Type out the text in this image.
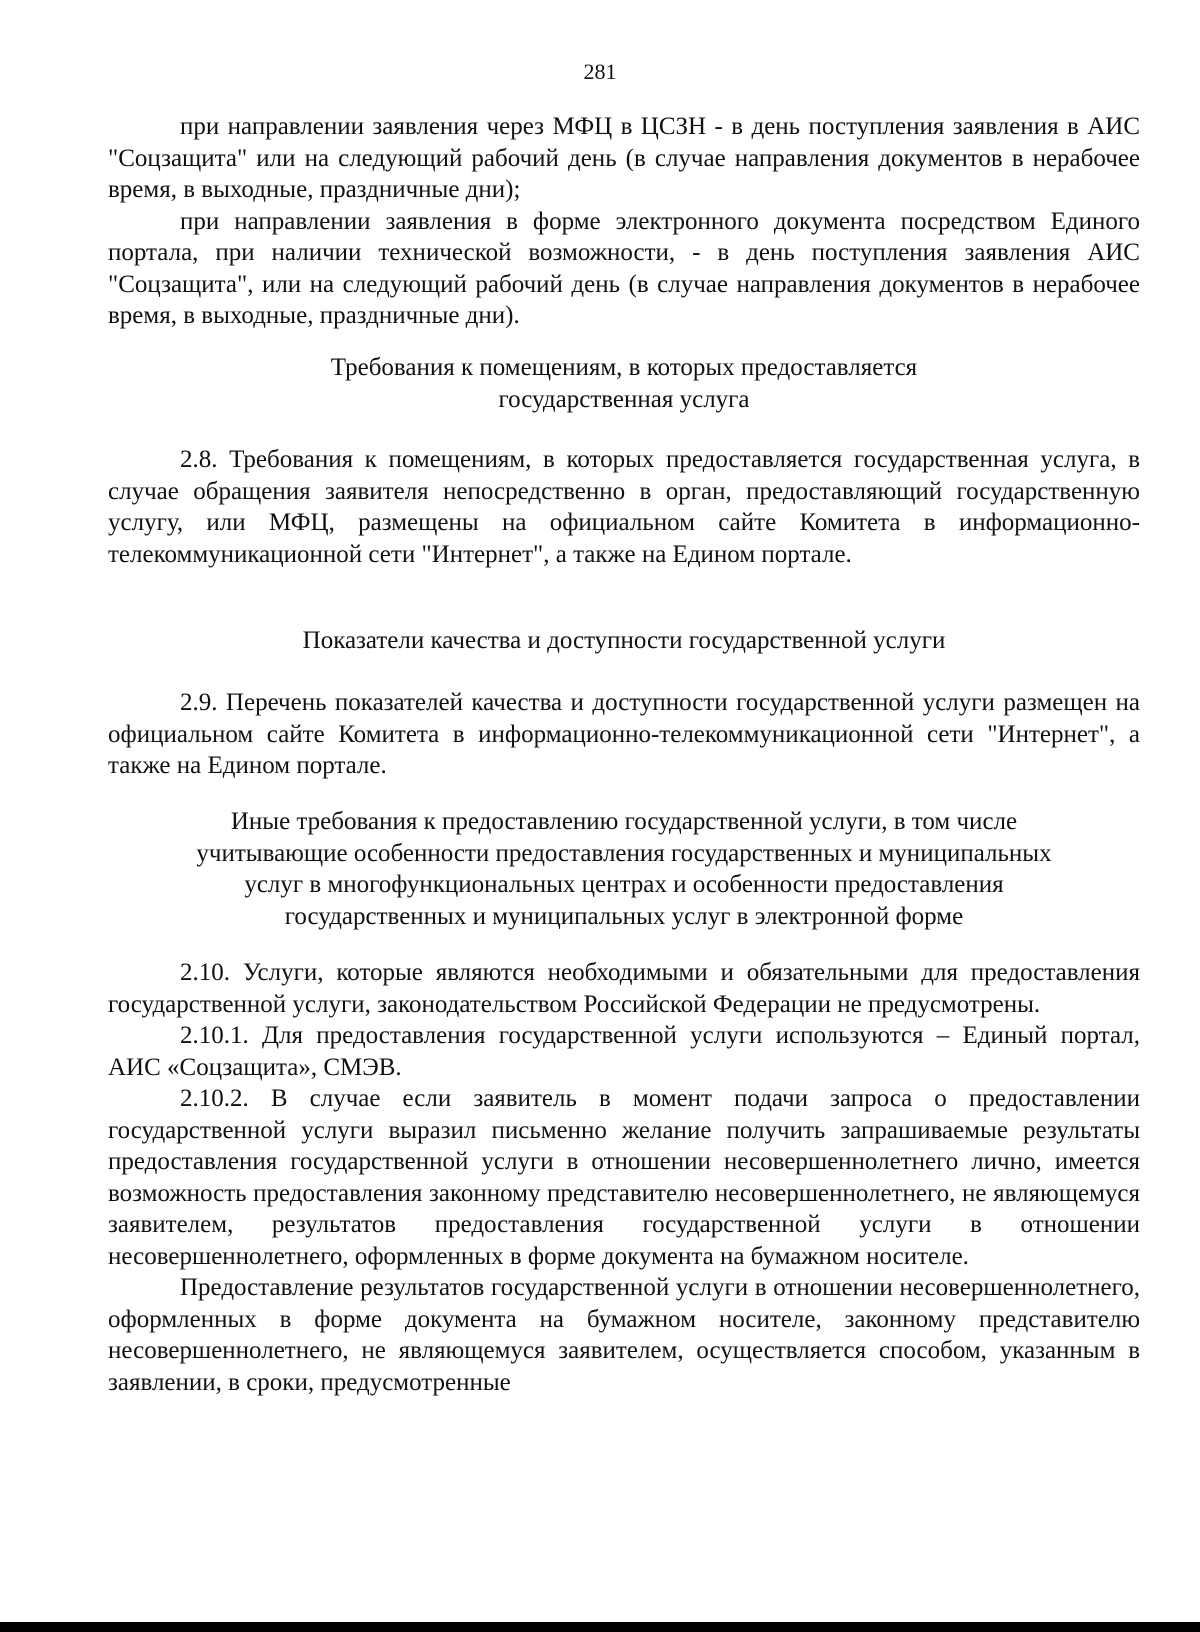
281

при направлении заявления через МФЦ в ЦСЗН - в день поступления заявления в АИС "Соцзащита" или на следующий рабочий день (в случае направления документов в нерабочее время, в выходные, праздничные дни);

при направлении заявления в форме электронного документа посредством Единого портала, при наличии технической возможности, - в день поступления заявления АИС "Соцзащита", или на следующий рабочий день (в случае направления документов в нерабочее время, в выходные, праздничные дни).

Требования к помещениям, в которых предоставляется

государственная услуга

2.8. Требования к помещениям, в которых предоставляется государственная услуга, в случае обращения заявителя непосредственно в орган, предоставляющий государственную услугу, или МФЦ, размещены на официальном сайте Комитета в информационно-телекоммуникационной сети "Интернет", а также на Едином портале.

Показатели качества и доступности государственной услуги

2.9. Перечень показателей качества и доступности государственной услуги размещен на официальном сайте Комитета в информационно-телекоммуникационной сети "Интернет", а также на Едином портале.

Иные требования к предоставлению государственной услуги, в том числе

учитывающие особенности предоставления государственных и муниципальных

услуг в многофункциональных центрах и особенности предоставления

государственных и муниципальных услуг в электронной форме

2.10. Услуги, которые являются необходимыми и обязательными для предоставления государственной услуги, законодательством Российской Федерации не предусмотрены.

2.10.1. Для предоставления государственной услуги используются – Единый портал, АИС «Соцзащита», СМЭВ.

2.10.2. В случае если заявитель в момент подачи запроса о предоставлении государственной услуги выразил письменно желание получить запрашиваемые результаты предоставления государственной услуги в отношении несовершеннолетнего лично, имеется возможность предоставления законному представителю несовершеннолетнего, не являющемуся заявителем, результатов предоставления государственной услуги в отношении несовершеннолетнего, оформленных в форме документа на бумажном носителе.

Предоставление результатов государственной услуги в отношении несовершеннолетнего, оформленных в форме документа на бумажном носителе, законному представителю несовершеннолетнего, не являющемуся заявителем, осуществляется способом, указанным в заявлении, в сроки, предусмотренные
